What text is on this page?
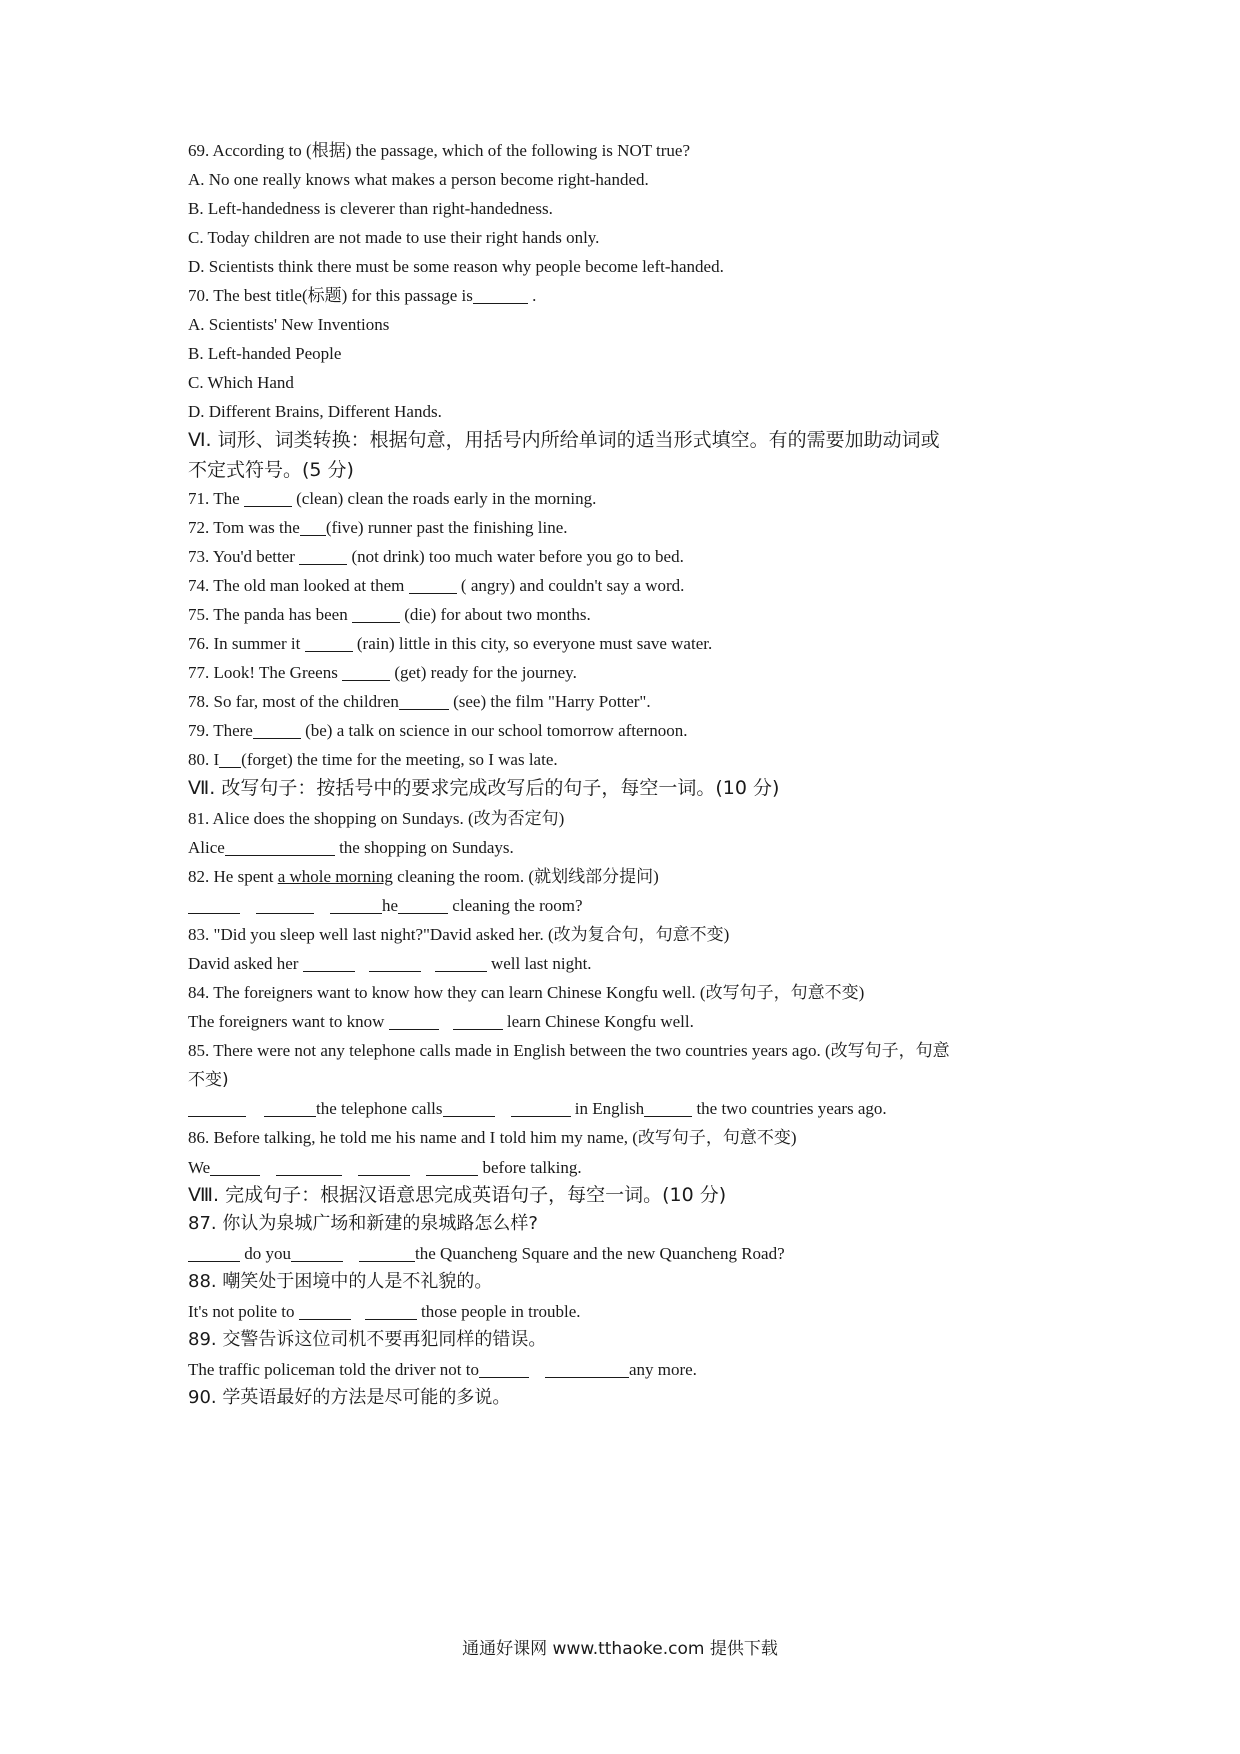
69. According to (根据) the passage, which of the following is NOT true?
A. No one really knows what makes a person become right-handed.
B. Left-handedness is cleverer than right-handedness.
C. Today children are not made to use their right hands only.
D. Scientists think there must be some reason why people become left-handed.
70. The best title(标题) for this passage is	.
A. Scientists' New Inventions
B. Left-handed People
C. Which Hand
D. Different Brains, Different Hands.
Ⅵ. 词形、词类转换：根据句意，用括号内所给单词的适当形式填空。有的需要加助动词或
不定式符号。(5 分)
71. The	(clean) clean the roads early in the morning.
72. Tom was the (five) runner past the finishing line.
73. You'd better	(not drink) too much water before you go to bed.
74. The old man looked at them	( angry) and couldn't say a word.
75. The panda has been	(die) for about two months.
76. In summer it	(rain) little in this city, so everyone must save water.
77. Look! The Greens	(get) ready for the journey.
78. So far, most of the children	(see) the film "Harry Potter".
79. There	(be) a talk on science in our school tomorrow afternoon.
80. I (forget) the time for the meeting, so I was late.
Ⅶ. 改写句子：按括号中的要求完成改写后的句子，每空一词。(10 分)
81. Alice does the shopping on Sundays. (改为否定句)
Alice	the shopping on Sundays.
82. He spent a whole morning cleaning the room. (就划线部分提问)
he	cleaning the room?
83. "Did you sleep well last night?"David asked her. (改为复合句，句意不变)
David asked her	well last night.
84. The foreigners want to know how they can learn Chinese Kongfu well. (改写句子，句意不变)
The foreigners want to know	learn Chinese Kongfu well.
85. There were not any telephone calls made in English between the two countries years ago. (改写句子，句意
不变)
the telephone calls	in English	the two countries years ago.
86. Before talking, he told me his name and I told him my name, (改写句子，句意不变)
We	before talking.
Ⅷ. 完成句子：根据汉语意思完成英语句子，每空一词。(10 分)
87. 你认为泉城广场和新建的泉城路怎么样?
do you	the Quancheng Square and the new Quancheng Road?
88. 嘲笑处于困境中的人是不礼貌的。
It's not polite to	those people in trouble.
89. 交警告诉这位司机不要再犯同样的错误。
The traffic policeman told the driver not to	any more.
90. 学英语最好的方法是尽可能的多说。
通通好课网 www.tthaoke.com 提供下载
